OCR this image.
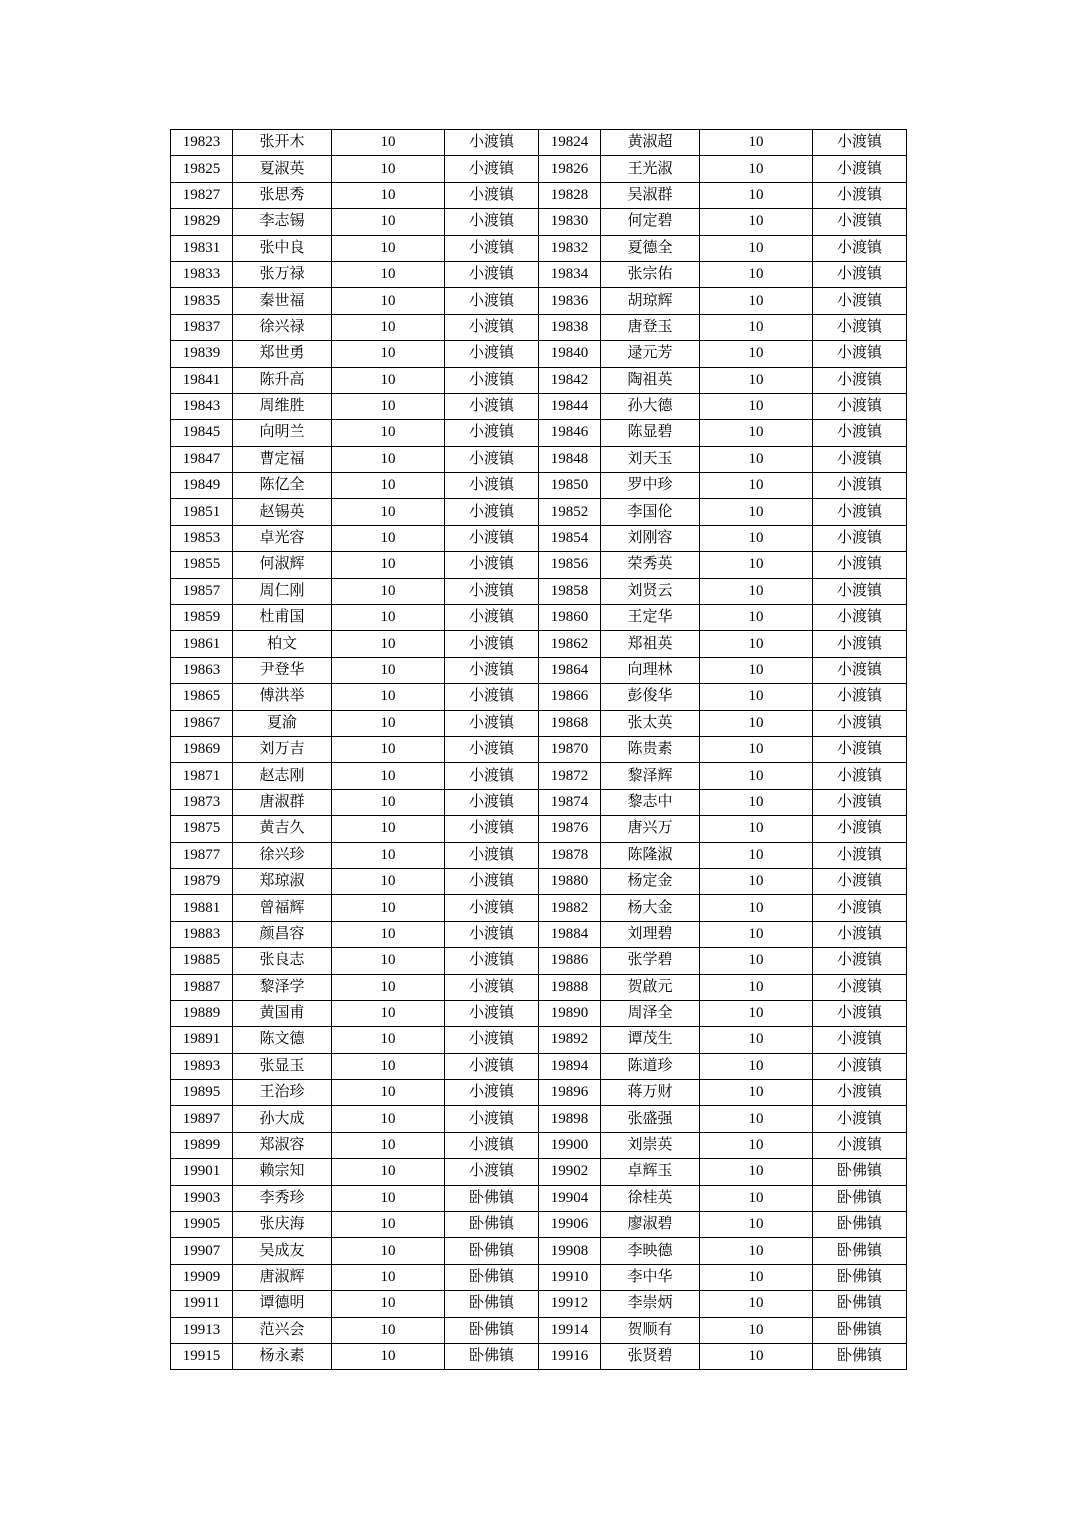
19823	张开木	10	小渡镇	19824	黄淑超	10	小渡镇
19825	夏淑英	10	小渡镇	19826	王光淑	10	小渡镇
19827	张思秀	10	小渡镇	19828	吴淑群	10	小渡镇
19829	李志锡	10	小渡镇	19830	何定碧	10	小渡镇
19831	张中良	10	小渡镇	19832	夏德全	10	小渡镇
19833	张万禄	10	小渡镇	19834	张宗佑	10	小渡镇
19835	秦世福	10	小渡镇	19836	胡琼辉	10	小渡镇
19837	徐兴禄	10	小渡镇	19838	唐登玉	10	小渡镇
19839	郑世勇	10	小渡镇	19840	逯元芳	10	小渡镇
19841	陈升高	10	小渡镇	19842	陶祖英	10	小渡镇
19843	周维胜	10	小渡镇	19844	孙大德	10	小渡镇
19845	向明兰	10	小渡镇	19846	陈显碧	10	小渡镇
19847	曹定福	10	小渡镇	19848	刘天玉	10	小渡镇
19849	陈亿全	10	小渡镇	19850	罗中珍	10	小渡镇
19851	赵锡英	10	小渡镇	19852	李国伦	10	小渡镇
19853	卓光容	10	小渡镇	19854	刘刚容	10	小渡镇
19855	何淑辉	10	小渡镇	19856	荣秀英	10	小渡镇
19857	周仁刚	10	小渡镇	19858	刘贤云	10	小渡镇
19859	杜甫国	10	小渡镇	19860	王定华	10	小渡镇
19861	柏文	10	小渡镇	19862	郑祖英	10	小渡镇
19863	尹登华	10	小渡镇	19864	向理林	10	小渡镇
19865	傅洪举	10	小渡镇	19866	彭俊华	10	小渡镇
19867	夏渝	10	小渡镇	19868	张太英	10	小渡镇
19869	刘万吉	10	小渡镇	19870	陈贵素	10	小渡镇
19871	赵志刚	10	小渡镇	19872	黎泽辉	10	小渡镇
19873	唐淑群	10	小渡镇	19874	黎志中	10	小渡镇
19875	黄吉久	10	小渡镇	19876	唐兴万	10	小渡镇
19877	徐兴珍	10	小渡镇	19878	陈隆淑	10	小渡镇
19879	郑琼淑	10	小渡镇	19880	杨定金	10	小渡镇
19881	曾福辉	10	小渡镇	19882	杨大金	10	小渡镇
19883	颜昌容	10	小渡镇	19884	刘理碧	10	小渡镇
19885	张良志	10	小渡镇	19886	张学碧	10	小渡镇
19887	黎泽学	10	小渡镇	19888	贺啟元	10	小渡镇
19889	黄国甫	10	小渡镇	19890	周泽全	10	小渡镇
19891	陈文德	10	小渡镇	19892	谭茂生	10	小渡镇
19893	张显玉	10	小渡镇	19894	陈道珍	10	小渡镇
19895	王治珍	10	小渡镇	19896	蒋万财	10	小渡镇
19897	孙大成	10	小渡镇	19898	张盛强	10	小渡镇
19899	郑淑容	10	小渡镇	19900	刘崇英	10	小渡镇
19901	赖宗知	10	小渡镇	19902	卓辉玉	10	卧佛镇
19903	李秀珍	10	卧佛镇	19904	徐桂英	10	卧佛镇
19905	张庆海	10	卧佛镇	19906	廖淑碧	10	卧佛镇
19907	吴成友	10	卧佛镇	19908	李映德	10	卧佛镇
19909	唐淑辉	10	卧佛镇	19910	李中华	10	卧佛镇
19911	谭德明	10	卧佛镇	19912	李崇炳	10	卧佛镇
19913	范兴会	10	卧佛镇	19914	贺顺有	10	卧佛镇
19915	杨永素	10	卧佛镇	19916	张贤碧	10	卧佛镇
